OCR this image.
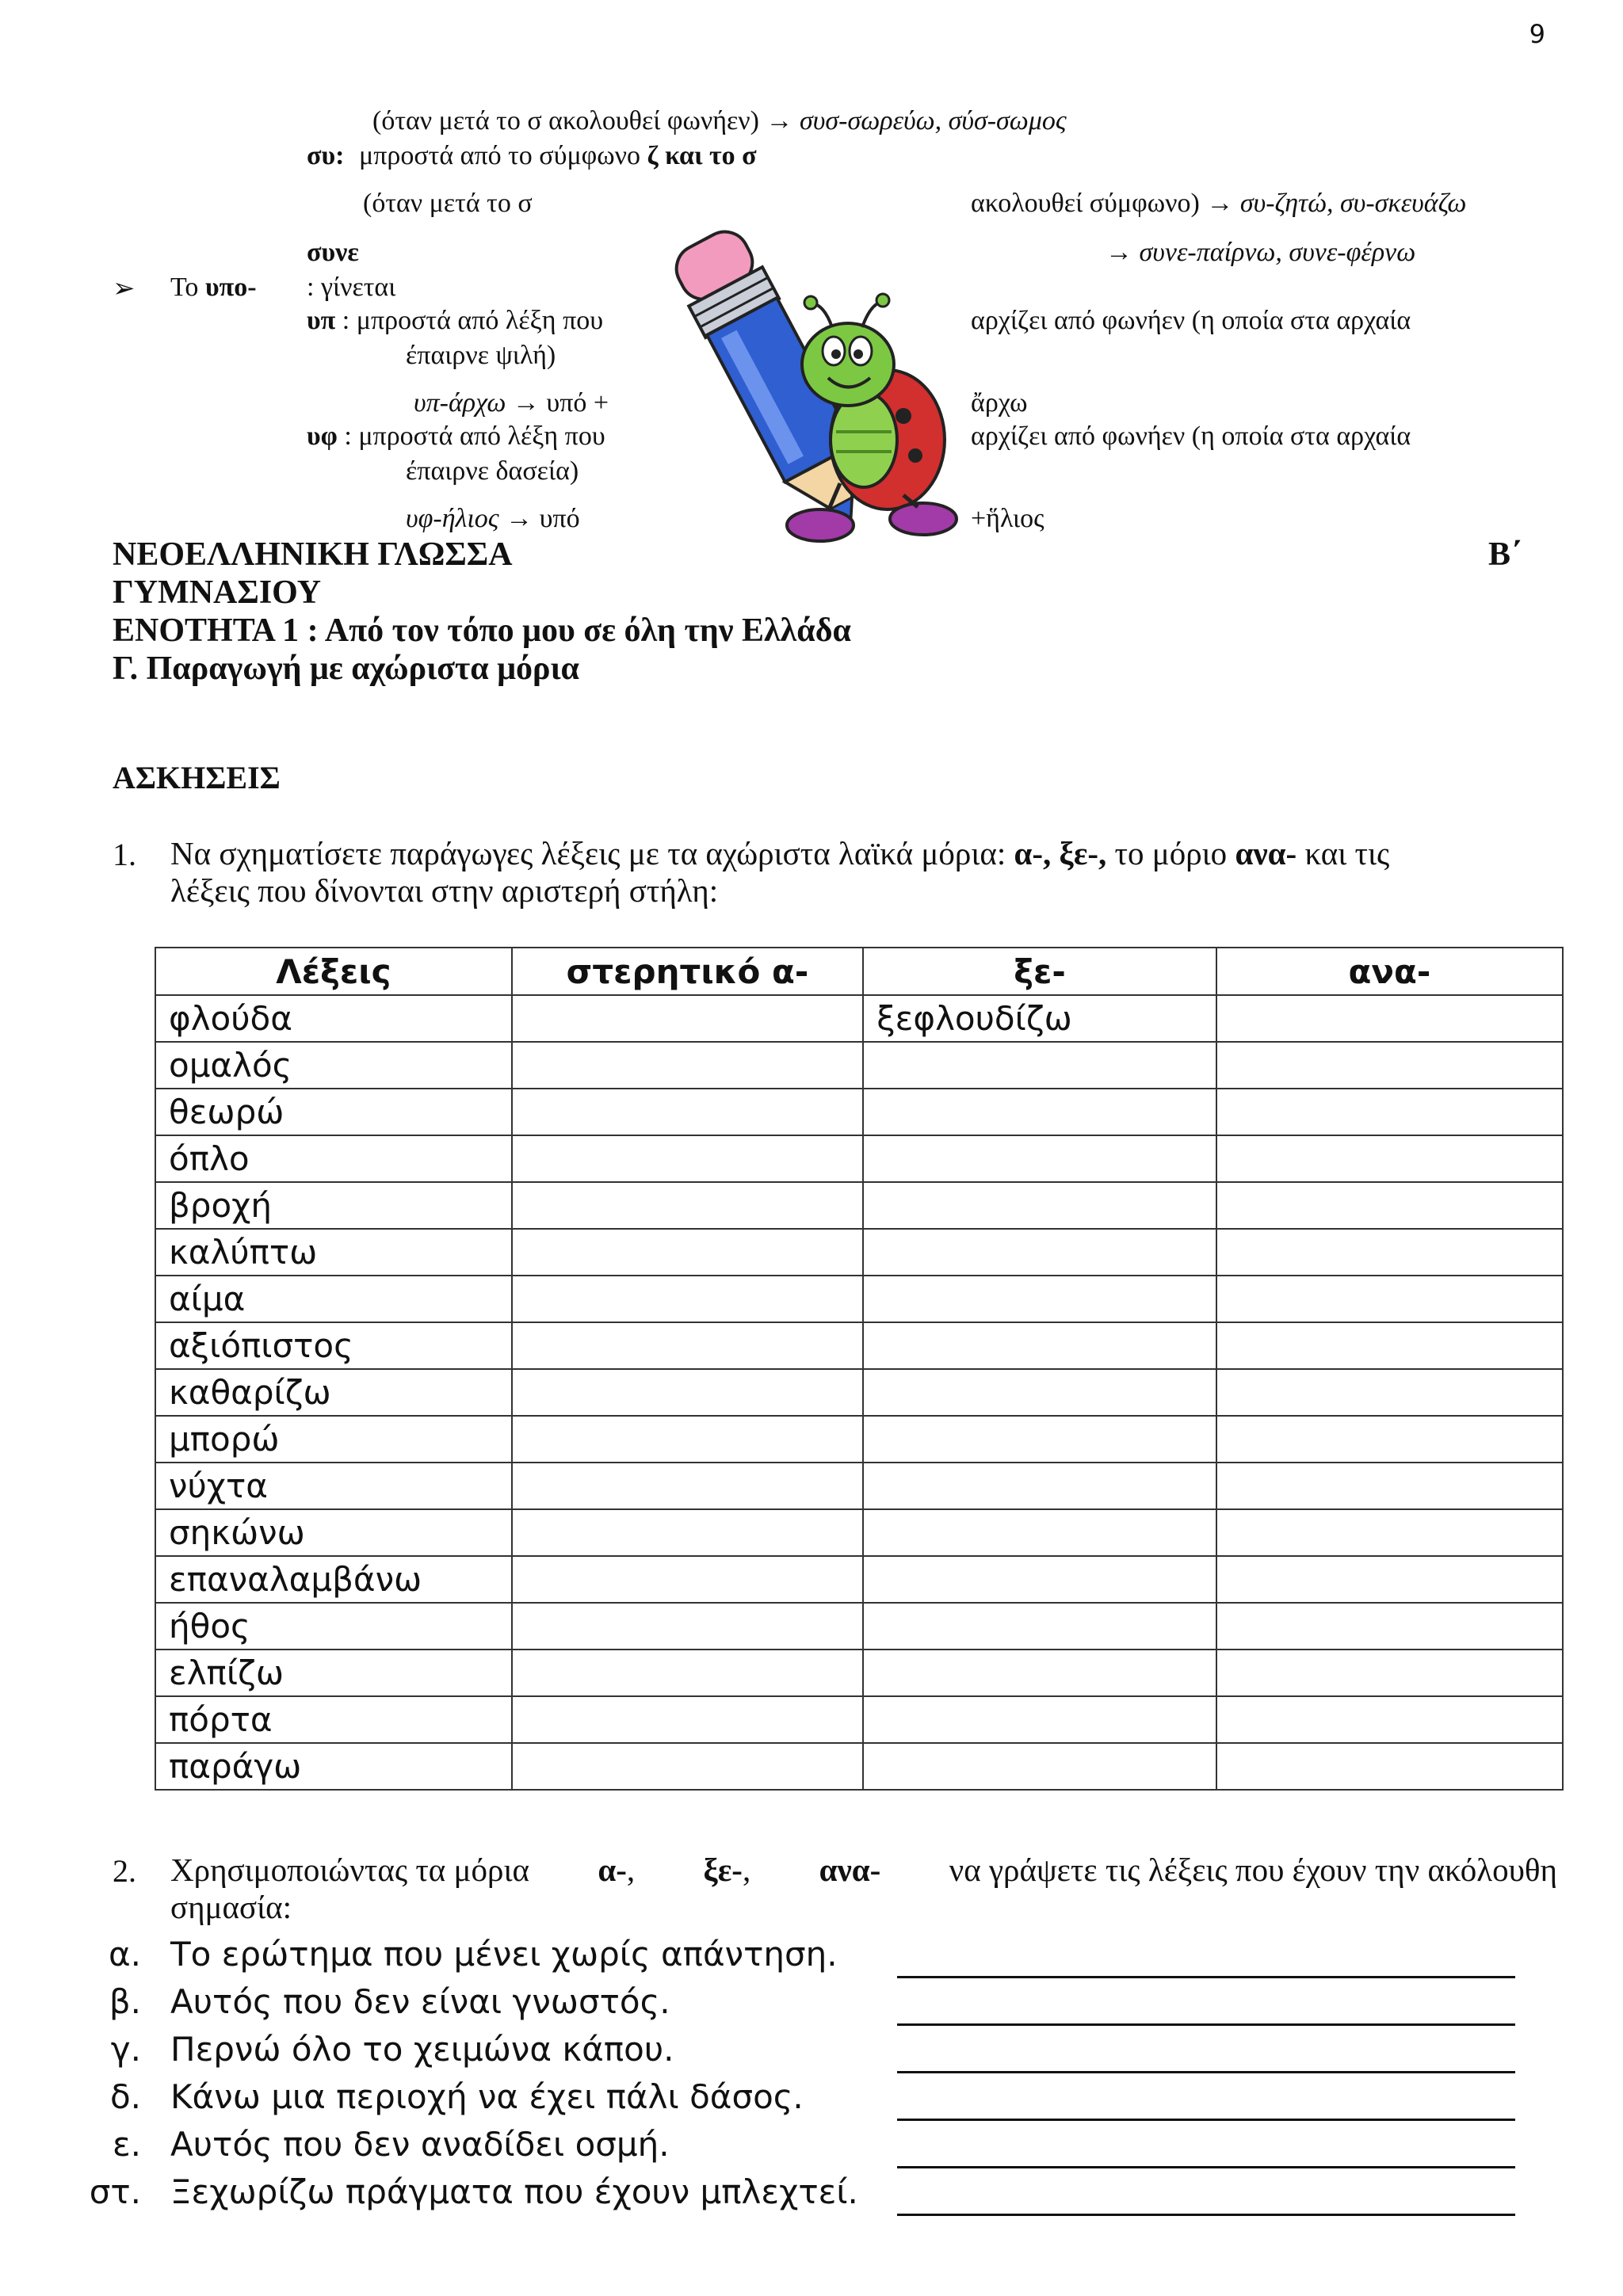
9
(όταν μετά το σ ακολουθεί φωνήεν) → συσ-σωρεύω, σύσ-σωμος
συ: μπροστά από το σύμφωνο ζ και το σ
(όταν μετά το σ	ακολουθεί σύμφωνο) → συ-ζητώ, συ-σκευάζω
συνε	→ συνε-παίρνω, συνε-φέρνω
➢ Το υπο- : γίνεται
υπ : μπροστά από λέξη που	αρχίζει από φωνήεν (η οποία στα αρχαία
έπαιρνε ψιλή)
υπ-άρχω → υπό +	ἄρχω
υφ : μπροστά από λέξη που	αρχίζει από φωνήεν (η οποία στα αρχαία
έπαιρνε δασεία)
υφ-ήλιος → υπό	+ἥλιος
ΝΕΟΕΛΛΗΝΙΚΗ ΓΛΩΣΣΑ	Β΄
ΓΥΜΝΑΣΙΟΥ
ΕΝΟΤΗΤΑ 1 : Από τον τόπο μου σε όλη την Ελλάδα
Γ. Παραγωγή με αχώριστα μόρια
ΑΣΚΗΣΕΙΣ
1. Να σχηματίσετε παράγωγες λέξεις με τα αχώριστα λαϊκά μόρια: α-, ξε-, το μόριο ανα- και τις
λέξεις που δίνονται στην αριστερή στήλη:
Λέξεις	στερητικό α-	ξε-	ανα-
φλούδα		ξεφλουδίζω	
ομαλός			
θεωρώ			
όπλο			
βροχή			
καλύπτω			
αίμα			
αξιόπιστος			
καθαρίζω			
μπορώ			
νύχτα			
σηκώνω			
επαναλαμβάνω			
ήθος			
ελπίζω			
πόρτα			
παράγω			
2. Χρησιμοποιώντας τα μόρια α-, ξε-, ανα- να γράψετε τις λέξεις που έχουν την ακόλουθη
σημασία:
α. Το ερώτημα που μένει χωρίς απάντηση.
β. Αυτός που δεν είναι γνωστός.
γ. Περνώ όλο το χειμώνα κάπου.
δ. Κάνω μια περιοχή να έχει πάλι δάσος.
ε. Αυτός που δεν αναδίδει οσμή.
στ. Ξεχωρίζω πράγματα που έχουν μπλεχτεί.
